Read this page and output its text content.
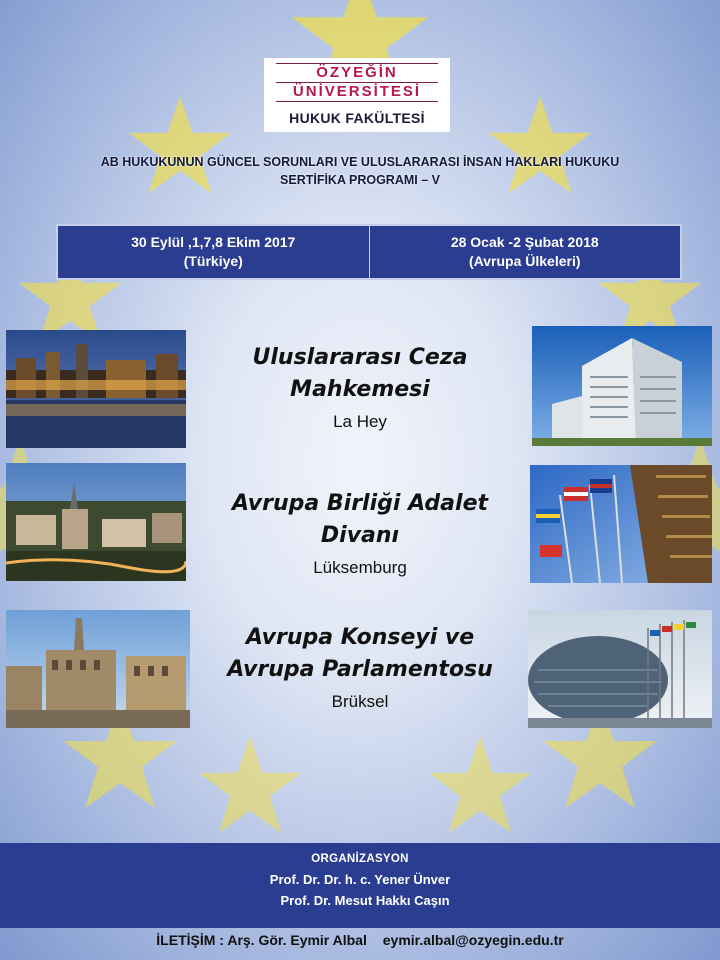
ÖZYEĞİN
ÜNİVERSİTESİ
HUKUK FAKÜLTESİ
AB HUKUKUNUN GÜNCEL SORUNLARI VE ULUSLARARASI İNSAN HAKLARI HUKUKU
SERTİFİKA PROGRAMI – V
30 Eylül ,1,7,8 Ekim 2017
(Türkiye)
28 Ocak -2 Şubat 2018
(Avrupa Ülkeleri)
Uluslararası Ceza
Mahkemesi
La Hey
Avrupa Birliği Adalet
Divanı
Lüksemburg
Avrupa Konseyi ve
Avrupa Parlamentosu
Brüksel
ORGANİZASYON
Prof. Dr. Dr. h. c. Yener Ünver
Prof. Dr. Mesut Hakkı Caşın
İLETİŞİM : Arş. Gör. Eymir Albal eymir.albal@ozyegin.edu.tr
